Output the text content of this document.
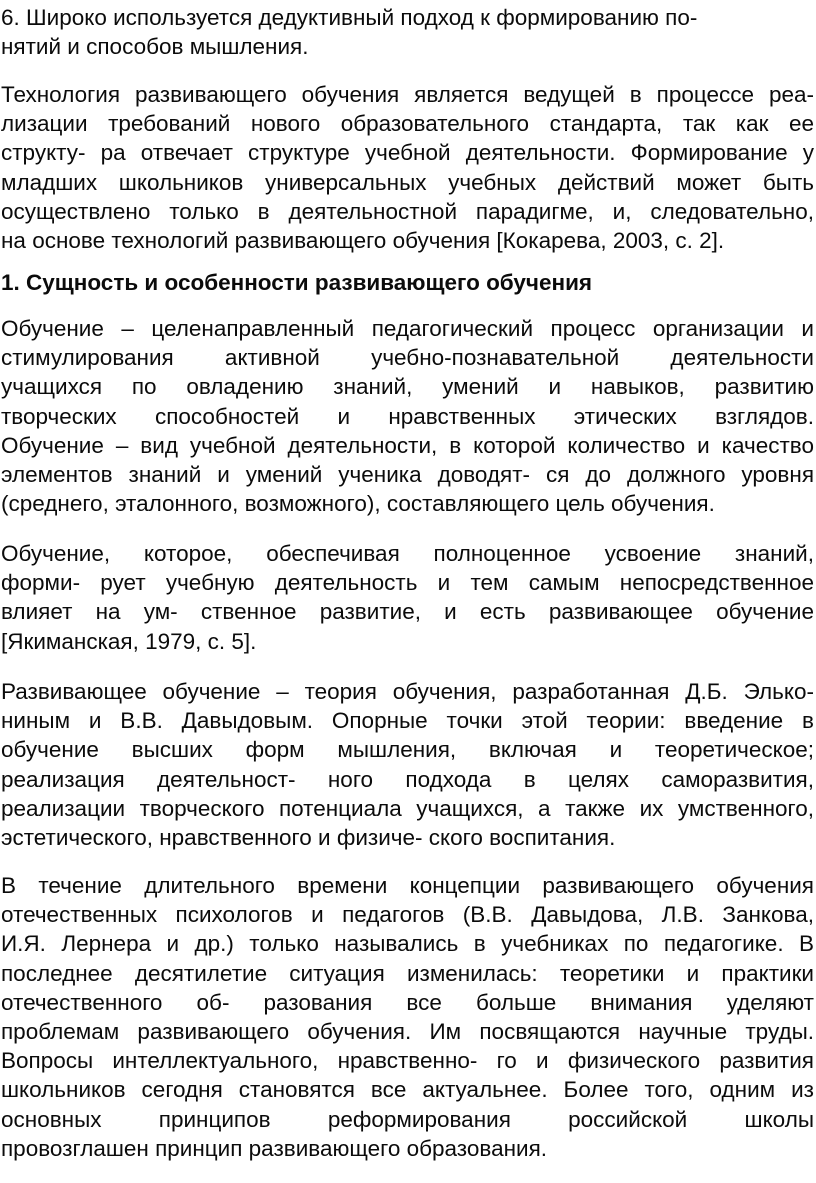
6. Широко используется дедуктивный подход к формированию по-
нятий и способов мышления.
Технология развивающего обучения является ведущей в процессе реа-
лизации требований нового образовательного стандарта, так как ее
структу- ра отвечает структуре учебной деятельности. Формирование у
младших школьников универсальных учебных действий может быть
осуществлено только в деятельностной парадигме, и, следовательно,
на основе технологий развивающего обучения [Кокарева, 2003, с. 2].
1. Сущность и особенности развивающего обучения
Обучение – целенаправленный педагогический процесс организации и
стимулирования активной учебно-познавательной деятельности
учащихся по овладению знаний, умений и навыков, развитию
творческих способностей и нравственных этических взглядов.
Обучение – вид учебной деятельности, в которой количество и качество
элементов знаний и умений ученика доводят- ся до должного уровня
(среднего, эталонного, возможного), составляющего цель обучения.
Обучение, которое, обеспечивая полноценное усвоение знаний,
форми- рует учебную деятельность и тем самым непосредственное
влияет на ум- ственное развитие, и есть развивающее обучение
[Якиманская, 1979, с. 5].
Развивающее обучение – теория обучения, разработанная Д.Б. Элько-
ниным и В.В. Давыдовым. Опорные точки этой теории: введение в
обучение высших форм мышления, включая и теоретическое;
реализация деятельност- ного подхода в целях саморазвития,
реализации творческого потенциала учащихся, а также их умственного,
эстетического, нравственного и физиче- ского воспитания.
В течение длительного времени концепции развивающего обучения
отечественных психологов и педагогов (В.В. Давыдова, Л.В. Занкова,
И.Я. Лернера и др.) только назывались в учебниках по педагогике. В
последнее десятилетие ситуация изменилась: теоретики и практики
отечественного об- разования все больше внимания уделяют
проблемам развивающего обучения. Им посвящаются научные труды.
Вопросы интеллектуального, нравственно- го и физического развития
школьников сегодня становятся все актуальнее. Более того, одним из
основных принципов реформирования российской школы
провозглашен принцип развивающего образования.
